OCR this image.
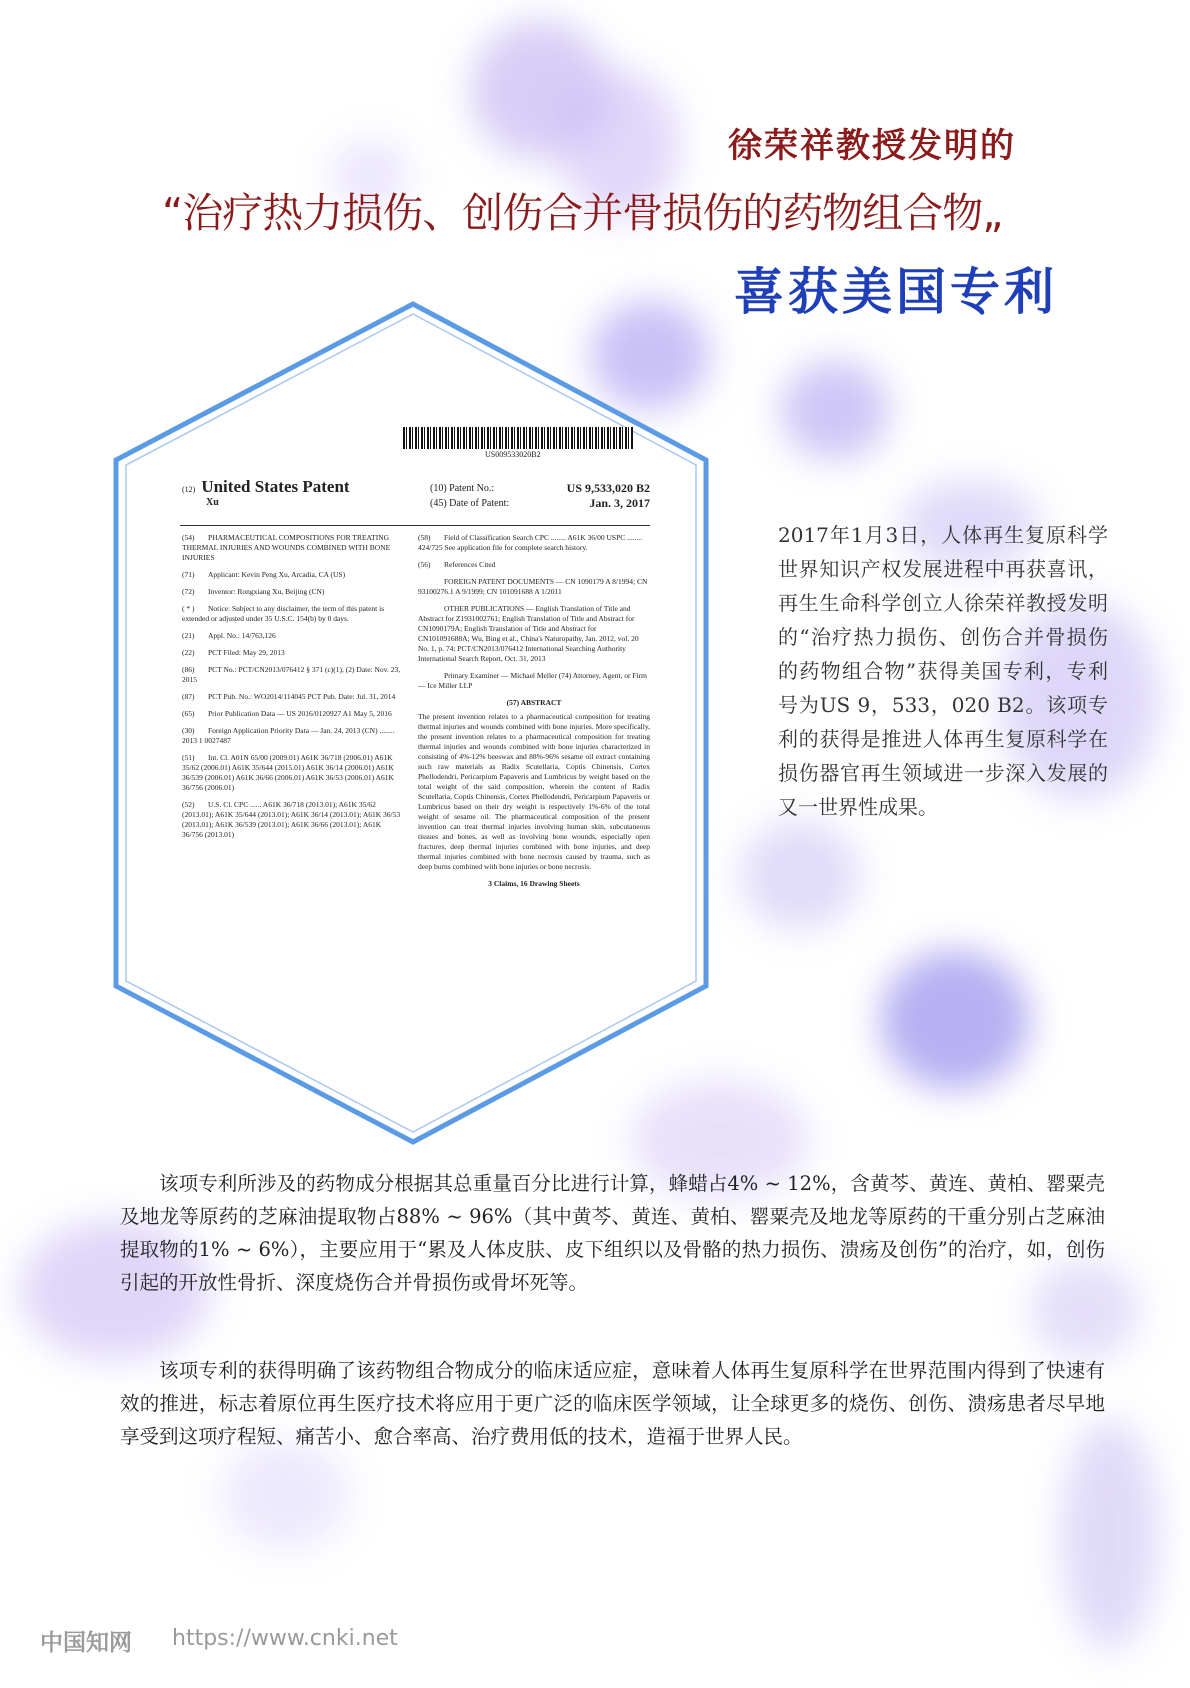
徐荣祥教授发明的
“治疗热力损伤、创伤合并骨损伤的药物组合物„
喜获美国专利
US009533020B2
(12) United States Patent
Xu
(10) Patent No.:	US 9,533,020 B2
(45) Date of Patent:	Jan. 3, 2017

(54) PHARMACEUTICAL COMPOSITIONS FOR TREATING THERMAL INJURIES AND WOUNDS COMBINED WITH BONE INJURIES

(71) Applicant: Kevin Peng Xu, Arcadia, CA (US)

(72) Inventor: Rongxiang Xu, Beijing (CN)

( * ) Notice: Subject to any disclaimer, the term of this patent is extended or adjusted under 35 U.S.C. 154(b) by 0 days.

(21) Appl. No.: 14/763,126

(22) PCT Filed: May 29, 2013

(86) PCT No.: PCT/CN2013/076412 § 371 (c)(1), (2) Date: Nov. 23, 2015

(87) PCT Pub. No.: WO2014/114045 PCT Pub. Date: Jul. 31, 2014

(65) Prior Publication Data — US 2016/0120927 A1 May 5, 2016

(30) Foreign Application Priority Data — Jan. 24, 2013 (CN) ........ 2013 1 0027487

(51) Int. Cl. A01N 65/00 (2009.01) A61K 36/718 (2006.01) A61K 35/62 (2006.01) A61K 35/644 (2015.01) A61K 36/14 (2006.01) A61K 36/539 (2006.01) A61K 36/66 (2006.01) A61K 36/53 (2006.01) A61K 36/756 (2006.01)

(52) U.S. Cl. CPC ...... A61K 36/718 (2013.01); A61K 35/62 (2013.01); A61K 35/644 (2013.01); A61K 36/14 (2013.01); A61K 36/53 (2013.01); A61K 36/539 (2013.01); A61K 36/66 (2013.01); A61K 36/756 (2013.01)

(58) Field of Classification Search CPC ........ A61K 36/00 USPC ........ 424/725 See application file for complete search history.

(56) References Cited

FOREIGN PATENT DOCUMENTS — CN 1090179 A 8/1994; CN 93100276.1 A 9/1999; CN 101091688 A 1/2011

OTHER PUBLICATIONS — English Translation of Title and Abstract for Z1931002761; English Translation of Title and Abstract for CN1090179A; English Translation of Title and Abstract for CN101091688A; Wu, Bing et al., China's Naturopathy, Jan. 2012, vol. 20 No. 1, p. 74; PCT/CN2013/076412 International Searching Authority International Search Report, Oct. 31, 2013

Primary Examiner — Michael Meller (74) Attorney, Agent, or Firm — Ice Miller LLP

(57) ABSTRACT

The present invention relates to a pharmaceutical composition for treating thermal injuries and wounds combined with bone injuries. More specifically, the present invention relates to a pharmaceutical composition for treating thermal injuries and wounds combined with bone injuries characterized in consisting of 4%-12% beeswax and 88%-96% sesame oil extract containing such raw materials as Radix Scutellaria, Coptis Chinensis, Cortex Phellodendri, Pericarpium Papaveris and Lumbricus by weight based on the total weight of the said composition, wherein the content of Radix Scutellaria, Coptis Chinensis, Cortex Phellodendri, Pericarpium Papaveris or Lumbricus based on their dry weight is respectively 1%-6% of the total weight of sesame oil. The pharmaceutical composition of the present invention can treat thermal injuries involving human skin, subcutaneous tissues and bones, as well as involving bone wounds, especially open fractures, deep thermal injuries combined with bone injuries, and deep thermal injuries combined with bone necrosis caused by trauma, such as deep burns combined with bone injuries or bone necrosis.

3 Claims, 16 Drawing Sheets
2017年1月3日，人体再生复原科学世界知识产权发展进程中再获喜讯，再生生命科学创立人徐荣祥教授发明的“治疗热力损伤、创伤合并骨损伤的药物组合物”获得美国专利，专利号为US 9，533，020 B2。该项专利的获得是推进人体再生复原科学在损伤器官再生领域进一步深入发展的又一世界性成果。

该项专利所涉及的药物成分根据其总重量百分比进行计算，蜂蜡占4% ~ 12%，含黄芩、黄连、黄柏、罂粟壳及地龙等原药的芝麻油提取物占88% ~ 96%（其中黄芩、黄连、黄柏、罂粟壳及地龙等原药的干重分别占芝麻油提取物的1% ~ 6%），主要应用于“累及人体皮肤、皮下组织以及骨骼的热力损伤、溃疡及创伤”的治疗，如，创伤引起的开放性骨折、深度烧伤合并骨损伤或骨坏死等。

该项专利的获得明确了该药物组合物成分的临床适应症，意味着人体再生复原科学在世界范围内得到了快速有效的推进，标志着原位再生医疗技术将应用于更广泛的临床医学领域，让全球更多的烧伤、创伤、溃疡患者尽早地享受到这项疗程短、痛苦小、愈合率高、治疗费用低的技术，造福于世界人民。

中国知网 https://www.cnki.net
